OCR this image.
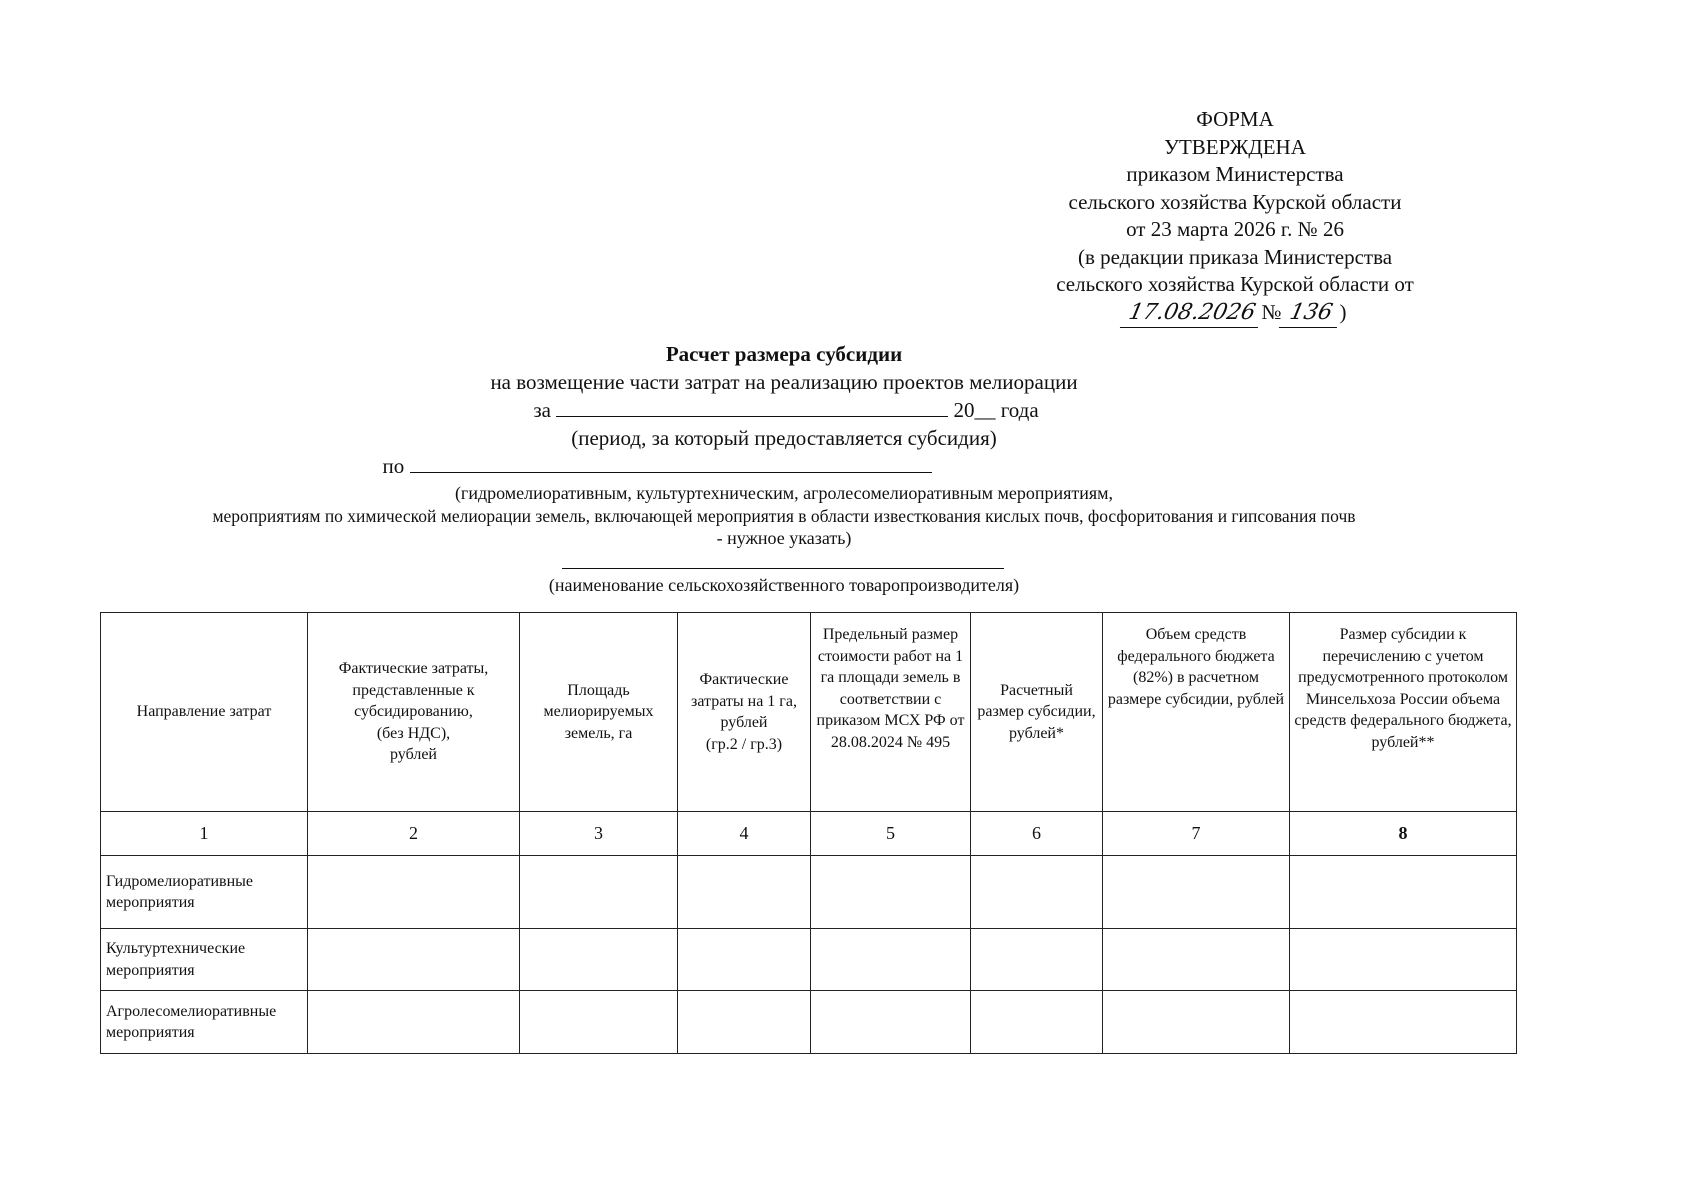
ФОРМА
УТВЕРЖДЕНА
приказом Министерства
сельского хозяйства Курской области
от 23 марта 2026 г. № 26
(в редакции приказа Министерства
сельского хозяйства Курской области от
17.08.2026 № 136 )
Расчет размера субсидии
на возмещение части затрат на реализацию проектов мелиорации
за	20__ года
(период, за который предоставляется субсидия)
по
(гидромелиоративным, культуртехническим, агролесомелиоративным мероприятиям,
мероприятиям по химической мелиорации земель, включающей мероприятия в области известкования кислых почв, фосфоритования и гипсования почв
- нужное указать)
(наименование сельскохозяйственного товаропроизводителя)
Направление затрат	Фактические затраты, представленные к субсидированию,
(без НДС),
рублей	Площадь мелиорируемых земель, га	Фактические затраты на 1 га, рублей
(гр.2 / гр.3)	Предельный размер стоимости работ на 1 га площади земель в соответствии с приказом МСХ РФ от 28.08.2024 № 495	Расчетный размер субсидии, рублей*	Объем средств федерального бюджета (82%) в расчетном размере субсидии, рублей	Размер субсидии к перечислению с учетом предусмотренного протоколом Минсельхоза России объема средств федерального бюджета, рублей**
1	2	3	4	5	6	7	8
Гидромелиоративные мероприятия							
Культуртехнические мероприятия							
Агролесомелиоративные мероприятия							
